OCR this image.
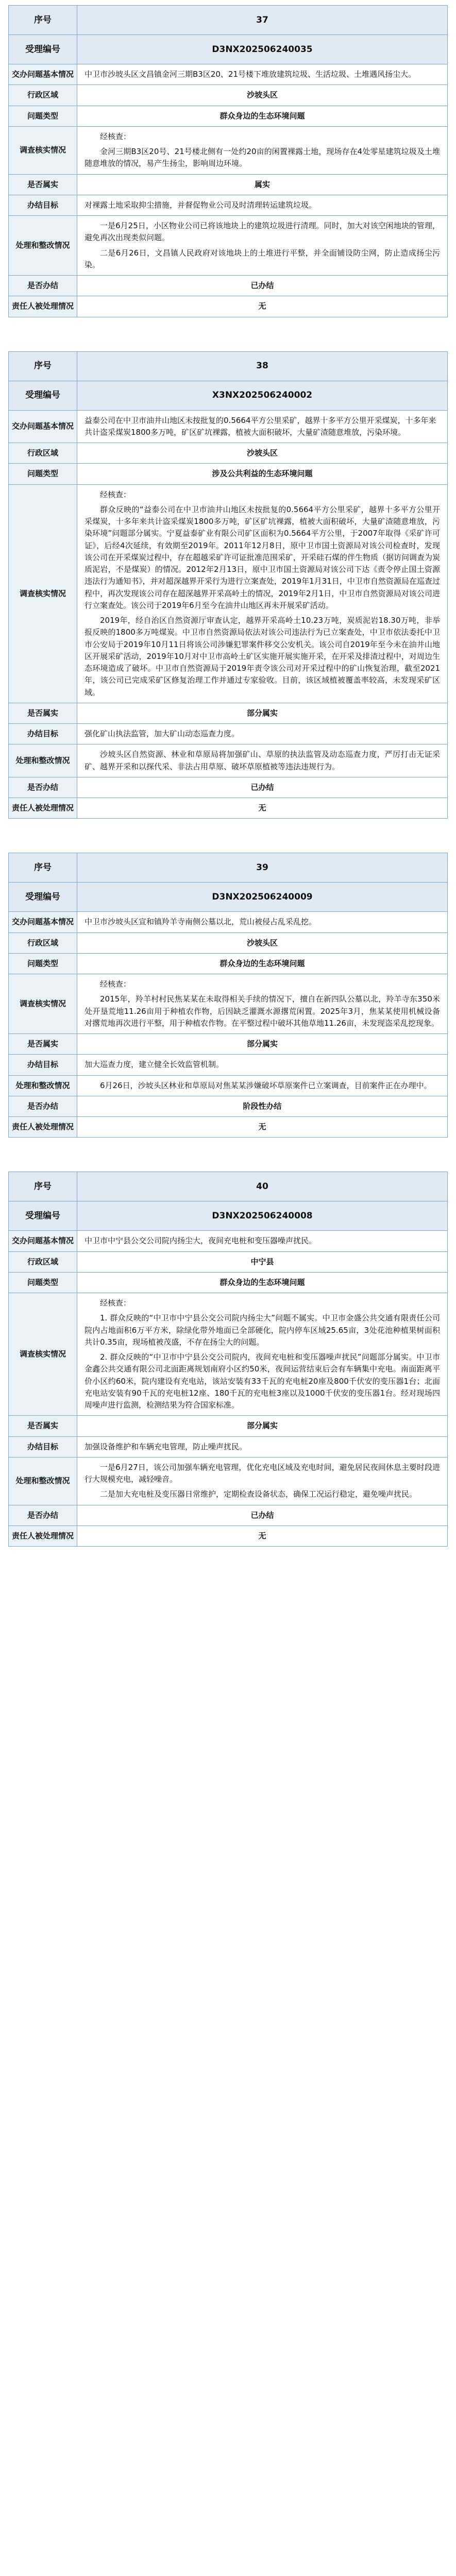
序号	37
受理编号	D3NX202506240035
交办问题基本情况	中卫市沙坡头区文昌镇金河三期B3区20、21号楼下堆放建筑垃圾、生活垃圾、土堆遇风扬尘大。
行政区域	沙坡头区
问题类型	群众身边的生态环境问题
调查核实情况	经核查：

金河三期B3区20号、21号楼北侧有一处约20亩的闲置裸露土地，现场存在4处零星建筑垃圾及土堆随意堆放的情况，易产生扬尘，影响周边环境。

是否属实	属实
办结目标	对裸露土地采取抑尘措施，并督促物业公司及时清理转运建筑垃圾。
处理和整改情况	一是6月25日，小区物业公司已将该地块上的建筑垃圾进行清理。同时，加大对该空闲地块的管理，避免再次出现类似问题。

二是6月26日，文昌镇人民政府对该地块上的土堆进行平整，并全面铺设防尘网，防止造成扬尘污染。

是否办结	已办结
责任人被处理情况	无
序号	38
受理编号	X3NX202506240002
交办问题基本情况	益泰公司在中卫市油井山地区未按批复的0.5664平方公里采矿，越界十多平方公里开采煤炭，十多年来共计盗采煤炭1800多万吨，矿区矿坑裸露，植被大面积破坏，大量矿渣随意堆放，污染环境。
行政区域	沙坡头区
问题类型	涉及公共利益的生态环境问题
调查核实情况	经核查：

群众反映的“益泰公司在中卫市油井山地区未按批复的0.5664平方公里采矿，越界十多平方公里开采煤炭，十多年来共计盗采煤炭1800多万吨，矿区矿坑裸露，植被大面积破坏，大量矿渣随意堆放，污染环境”问题部分属实。宁夏益泰矿业有限公司矿区面积为0.5664平方公里，于2007年取得《采矿许可证》，后经4次延续，有效期至2019年。2011年12月8日，原中卫市国土资源局对该公司检查时，发现该公司在开采煤炭过程中，存在超越采矿许可证批准范围采矿，开采硅石煤的伴生物质（据访问调查为炭质泥岩，不是煤炭）的情况。2012年2月13日，原中卫市国土资源局对该公司下达《责令停止国土资源违法行为通知书》，并对超深越界开采行为进行立案查处，2019年1月31日，中卫市自然资源局在巡查过程中，再次发现该公司存在超深越界开采高岭土的情况，2019年2月1日，中卫市自然资源局对该公司进行立案查处。该公司于2019年6月至今在油井山地区再未开展采矿活动。

2019年，经自治区自然资源厅审查认定，越界开采高岭土10.23万吨，炭质泥岩18.30万吨，非举报反映的1800多万吨煤炭。中卫市自然资源局依法对该公司违法行为已立案查处，中卫市依法委托中卫市公安局于2019年10月11日将该公司涉嫌犯罪案件移交公安机关。该公司自2019年至今未在油井山地区开展采矿活动，2019年10月对中卫市高岭土矿区实施开展实施开采，在开采及排渣过程中，对周边生态环境造成了破坏。中卫市自然资源局于2019年责令该公司对开采过程中的矿山恢复治理，截至2021年，该公司已完成采矿区修复治理工作并通过专家验收。目前，该区域植被覆盖率较高，未发现采矿区域。

是否属实	部分属实
办结目标	强化矿山执法监管，加大矿山动态巡查力度。
处理和整改情况	沙坡头区自然资源、林业和草原局将加强矿山、草原的执法监管及动态巡查力度，严厉打击无证采矿、越界开采和以探代采、非法占用草原、破坏草原植被等违法违规行为。

是否办结	已办结
责任人被处理情况	无
序号	39
受理编号	D3NX202506240009
交办问题基本情况	中卫市沙坡头区宣和镇羚羊寺南侧公墓以北，荒山被侵占乱采乱挖。
行政区域	沙坡头区
问题类型	群众身边的生态环境问题
调查核实情况	经核查：

2015年，羚羊村村民焦某某在未取得相关手续的情况下，擅自在新四队公墓以北，羚羊寺东350米处开垦荒地11.26亩用于种植农作物，后因缺乏灌溉水源撂荒闲置。2025年3月，焦某某使用机械设备对撂荒地再次进行平整，用于种植农作物。在平整过程中破坏其他草地11.26亩，未发现盗采乱挖现象。

是否属实	部分属实
办结目标	加大巡查力度，建立健全长效监管机制。
处理和整改情况	6月26日，沙坡头区林业和草原局对焦某某涉嫌破坏草原案件已立案调查，目前案件正在办理中。

是否办结	阶段性办结
责任人被处理情况	无
序号	40
受理编号	D3NX202506240008
交办问题基本情况	中卫市中宁县公交公司院内扬尘大，夜间充电桩和变压器噪声扰民。
行政区域	中宁县
问题类型	群众身边的生态环境问题
调查核实情况	经核查：

1. 群众反映的“中卫市中宁县公交公司院内扬尘大”问题不属实。中卫市金盛公共交通有限责任公司院内占地面积6万平方米，除绿化带外地面已全部硬化，院内停车区域25.65亩，3处花池种植果树面积共计0.35亩，现场植被茂盛，不存在扬尘大的问题。

2. 群众反映的“中卫市中宁县公交公司院内，夜间充电桩和变压器噪声扰民”问题部分属实。中卫市金鑫公共交通有限公司北面距离规划南府小区约50米，夜间运营结束后会有车辆集中充电。南面距离平价小区约60米，院内建设有充电站，该站安装有33千瓦的充电桩20座及800千伏安的变压器1台；北面充电站安装有90千瓦的充电桩12座、180千瓦的充电桩3座以及1000千伏安的变压器1台。经对现场四周噪声进行监测，检测结果为符合国家标准。

是否属实	部分属实
办结目标	加强设备维护和车辆充电管理，防止噪声扰民。
处理和整改情况	一是6月27日，该公司加强车辆充电管理，优化充电区域及充电时间，避免居民夜间休息主要时段进行大规模充电，减轻噪音。

二是加大充电桩及变压器日常维护，定期检查设备状态，确保工况运行稳定，避免噪声扰民。

是否办结	已办结
责任人被处理情况	无
